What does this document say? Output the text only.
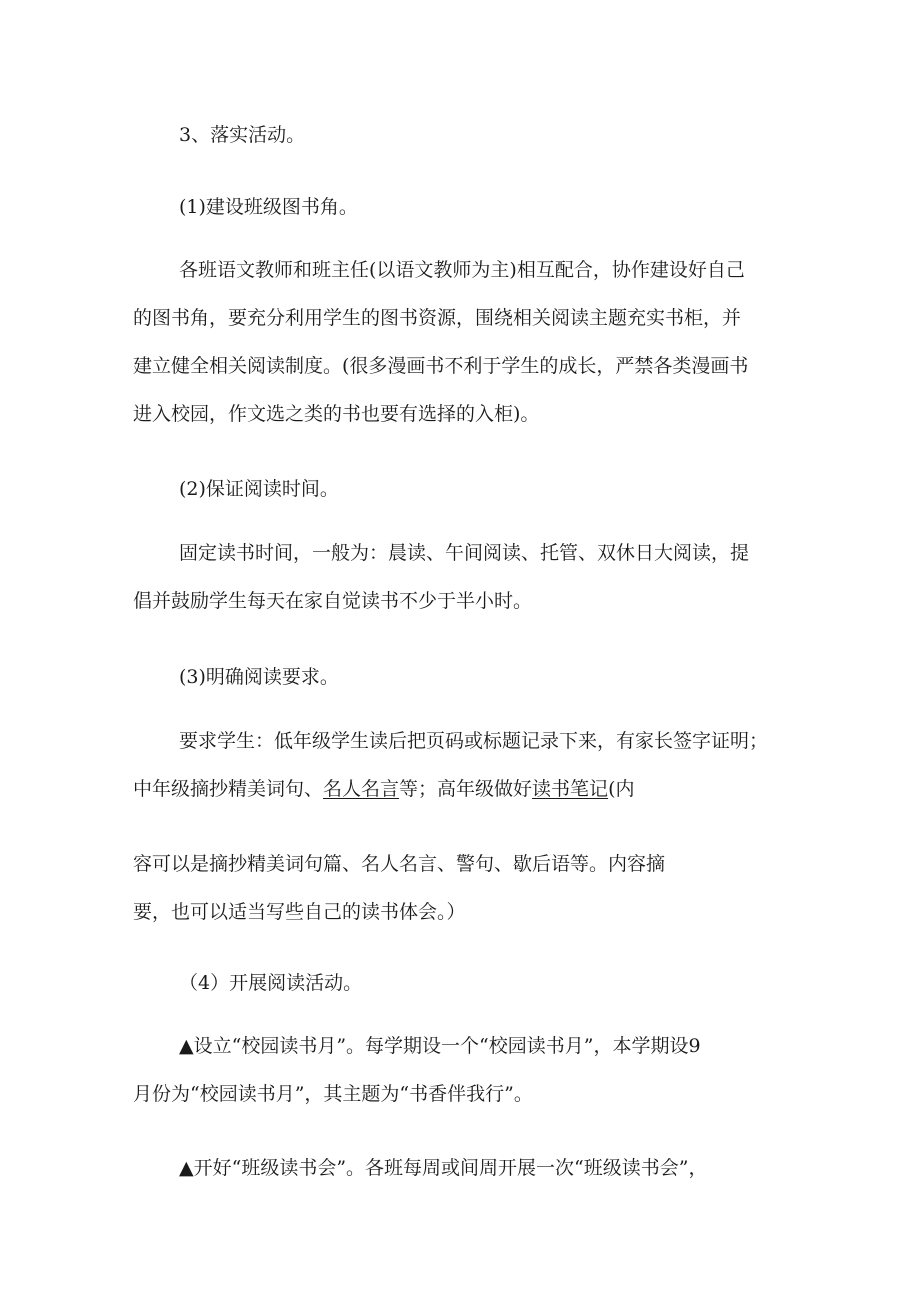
3、落实活动。
(1)建设班级图书角。
各班语文教师和班主任(以语文教师为主)相互配合，协作建设好自己
的图书角，要充分利用学生的图书资源，围绕相关阅读主题充实书柜，并
建立健全相关阅读制度。(很多漫画书不利于学生的成长，严禁各类漫画书
进入校园，作文选之类的书也要有选择的入柜)。
(2)保证阅读时间。
固定读书时间，一般为：晨读、午间阅读、托管、双休日大阅读，提
倡并鼓励学生每天在家自觉读书不少于半小时。
(3)明确阅读要求。
要求学生：低年级学生读后把页码或标题记录下来，有家长签字证明；
中年级摘抄精美词句、名人名言等；高年级做好读书笔记(内
容可以是摘抄精美词句篇、名人名言、警句、歇后语等。内容摘
要，也可以适当写些自己的读书体会。）
（4）开展阅读活动。
▲设立“校园读书月”。每学期设一个“校园读书月”，本学期设9
月份为“校园读书月”，其主题为“书香伴我行”。
▲开好“班级读书会”。各班每周或间周开展一次“班级读书会”，
